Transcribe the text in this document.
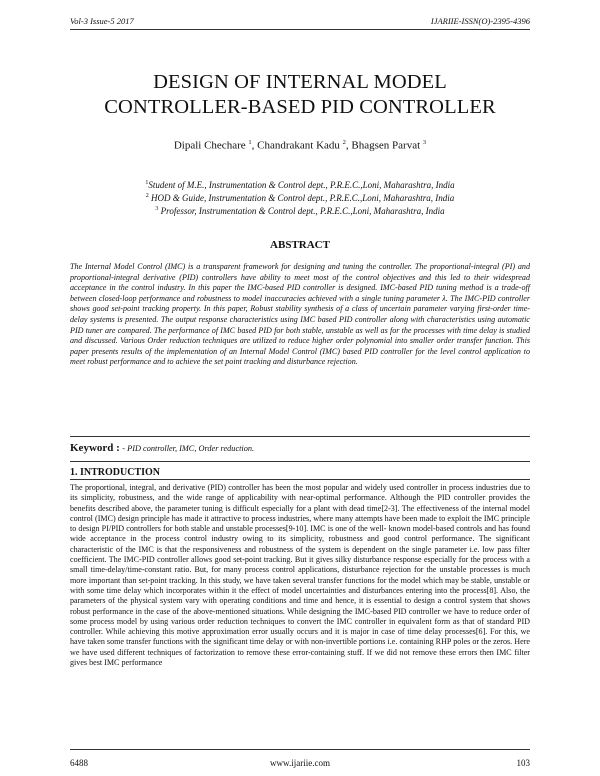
Vol-3 Issue-5 2017	IJARIIE-ISSN(O)-2395-4396
DESIGN OF INTERNAL MODEL
CONTROLLER-BASED PID CONTROLLER
Dipali Chechare $^1$, Chandrakant Kadu $^2$, Bhagsen Parvat $^3$
$^1$Student of M.E., Instrumentation & Control dept., P.R.E.C.,Loni, Maharashtra, India
$^2$ HOD & Guide, Instrumentation & Control dept., P.R.E.C.,Loni, Maharashtra, India
$^3$ Professor, Instrumentation & Control dept., P.R.E.C.,Loni, Maharashtra, India
ABSTRACT

The Internal Model Control (IMC) is a transparent framework for designing and tuning the controller. The proportional-integral (PI) and proportional-integral derivative (PID) controllers have ability to meet most of the control objectives and this led to their widespread acceptance in the control industry. In this paper the IMC-based PID controller is designed. IMC-based PID tuning method is a trade-off between closed-loop performance and robustness to model inaccuracies achieved with a single tuning parameter λ. The IMC-PID controller shows good set-point tracking property. In this paper, Robust stability synthesis of a class of uncertain parameter varying first-order time-delay systems is presented. The output response characteristics using IMC based PID controller along with characteristics using automatic PID tuner are compared. The performance of IMC based PID for both stable, unstable as well as for the processes with time delay is studied and discussed. Various Order reduction techniques are utilized to reduce higher order polynomial into smaller order transfer function. This paper presents results of the implementation of an Internal Model Control (IMC) based PID controller for the level control application to meet robust performance and to achieve the set point tracking and disturbance rejection.

Keyword : - PID controller, IMC, Order reduction.
1. INTRODUCTION

The proportional, integral, and derivative (PID) controller has been the most popular and widely used controller in process industries due to its simplicity, robustness, and the wide range of applicability with near-optimal performance. Although the PID controller provides the benefits described above, the parameter tuning is difficult especially for a plant with dead time[2-3]. The effectiveness of the internal model control (IMC) design principle has made it attractive to process industries, where many attempts have been made to exploit the IMC principle to design PI/PID controllers for both stable and unstable processes[9-10]. IMC is one of the well- known model-based controls and has found wide acceptance in the process control industry owing to its simplicity, robustness and good control performance. The significant characteristic of the IMC is that the responsiveness and robustness of the system is dependent on the single parameter i.e. low pass filter coefficient. The IMC-PID controller allows good set-point tracking. But it gives silky disturbance response especially for the process with a small time-delay/time-constant ratio. But, for many process control applications, disturbance rejection for the unstable processes is much more important than set-point tracking. In this study, we have taken several transfer functions for the model which may be stable, unstable or with some time delay which incorporates within it the effect of model uncertainties and disturbances entering into the process[8]. Also, the parameters of the physical system vary with operating conditions and time and hence, it is essential to design a control system that shows robust performance in the case of the above-mentioned situations. While designing the IMC-based PID controller we have to reduce order of some process model by using various order reduction techniques to convert the IMC controller in equivalent form as that of standard PID controller. While achieving this motive approximation error usually occurs and it is major in case of time delay processes[6]. For this, we have taken some transfer functions with the significant time delay or with non-invertible portions i.e. containing RHP poles or the zeros. Here we have used different techniques of factorization to remove these error-containing stuff. If we did not remove these errors then IMC filter gives best IMC performance

6488	www.ijariie.com	103
